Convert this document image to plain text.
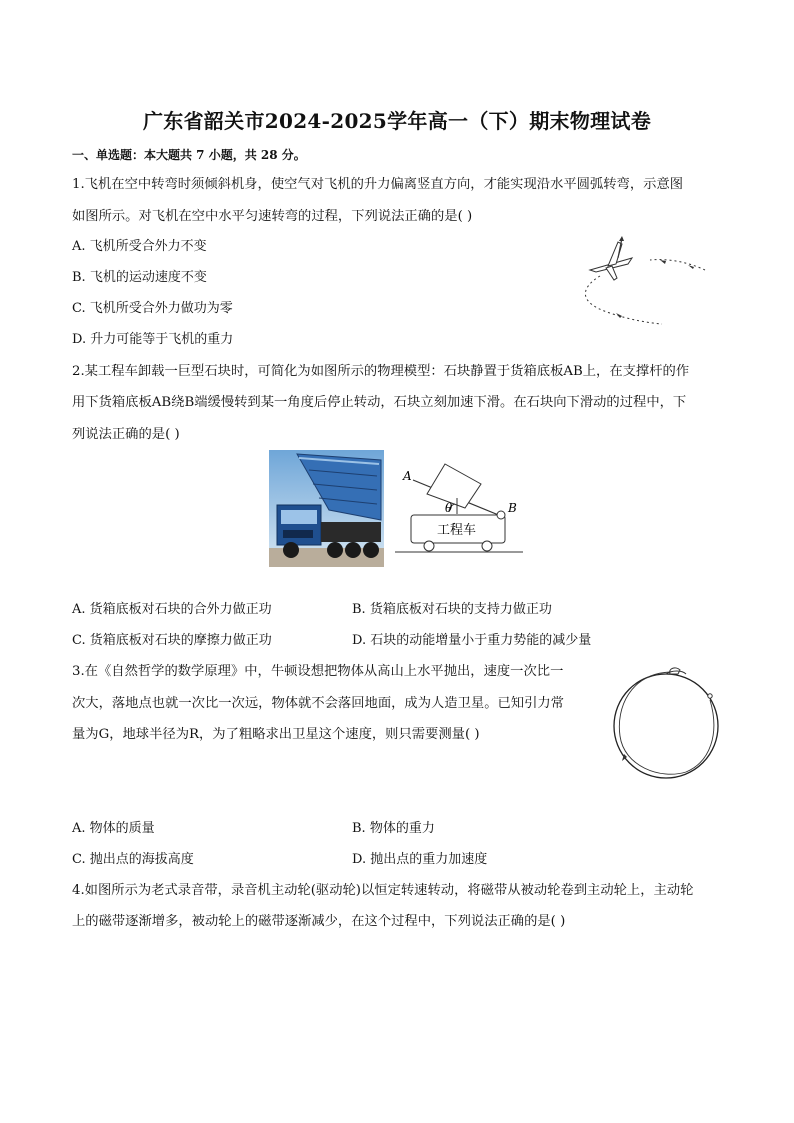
广东省韶关市2024-2025学年高一（下）期末物理试卷
一、单选题：本大题共 7 小题，共 28 分。
1.飞机在空中转弯时须倾斜机身，使空气对飞机的升力偏离竖直方向，才能实现沿水平圆弧转弯，示意图
如图所示。对飞机在空中水平匀速转弯的过程，下列说法正确的是( )
A. 飞机所受合外力不变
B. 飞机的运动速度不变
C. 飞机所受合外力做功为零
D. 升力可能等于飞机的重力
2.某工程车卸载一巨型石块时，可简化为如图所示的物理模型：石块静置于货箱底板AB上，在支撑杆的作
用下货箱底板AB绕B端缓慢转到某一角度后停止转动，石块立刻加速下滑。在石块向下滑动的过程中，下
列说法正确的是( )
A
θ	B
工程车
A. 货箱底板对石块的合外力做正功	B. 货箱底板对石块的支持力做正功
C. 货箱底板对石块的摩擦力做正功	D. 石块的动能增量小于重力势能的减少量
3.在《自然哲学的数学原理》中，牛顿设想把物体从高山上水平抛出，速度一次比一
次大，落地点也就一次比一次远，物体就不会落回地面，成为人造卫星。已知引力常
量为G，地球半径为R，为了粗略求出卫星这个速度，则只需要测量( )
A. 物体的质量	B. 物体的重力
C. 抛出点的海拔高度	D. 抛出点的重力加速度
4.如图所示为老式录音带，录音机主动轮(驱动轮)以恒定转速转动，将磁带从被动轮卷到主动轮上，主动轮
上的磁带逐渐增多，被动轮上的磁带逐渐减少，在这个过程中，下列说法正确的是( )
